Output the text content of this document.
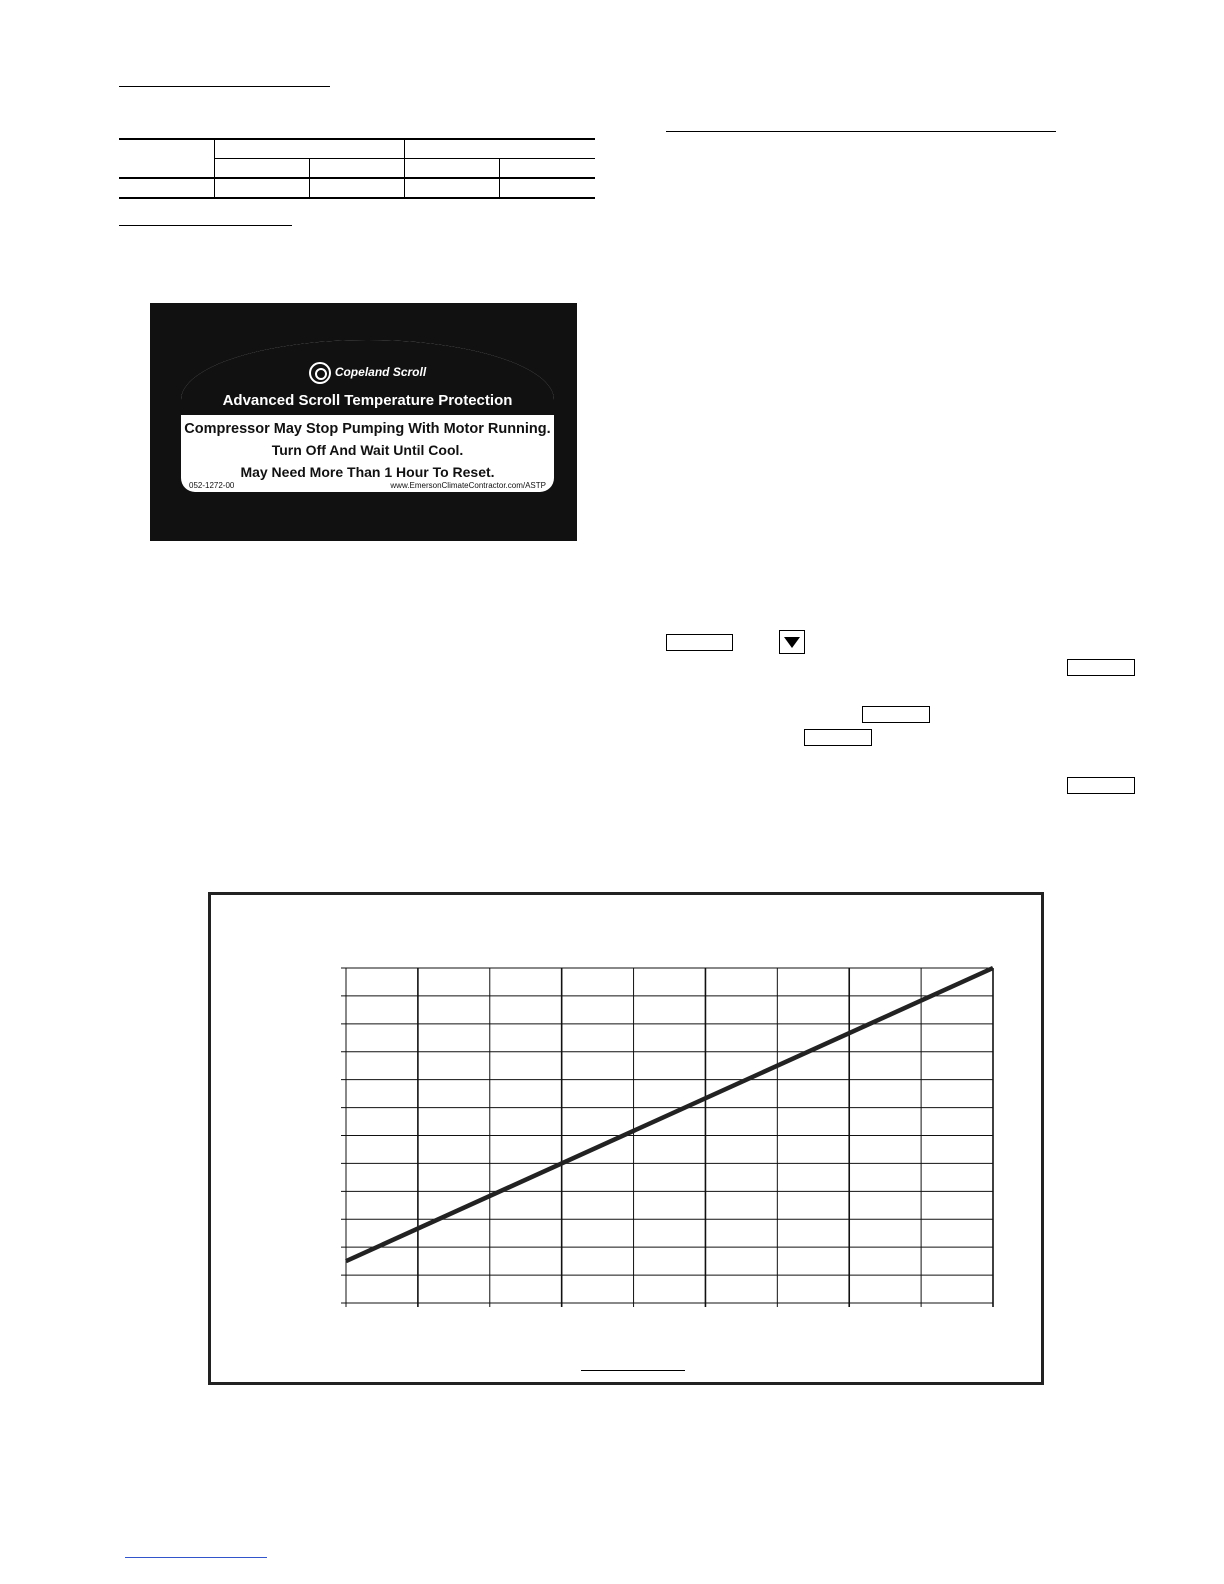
Copeland Scroll
Advanced Scroll Temperature Protection
Compressor May Stop Pumping With Motor Running.
Turn Off And Wait Until Cool.
May Need More Than 1 Hour To Reset.
052-1272-00	www.EmersonClimateContractor.com/ASTP
